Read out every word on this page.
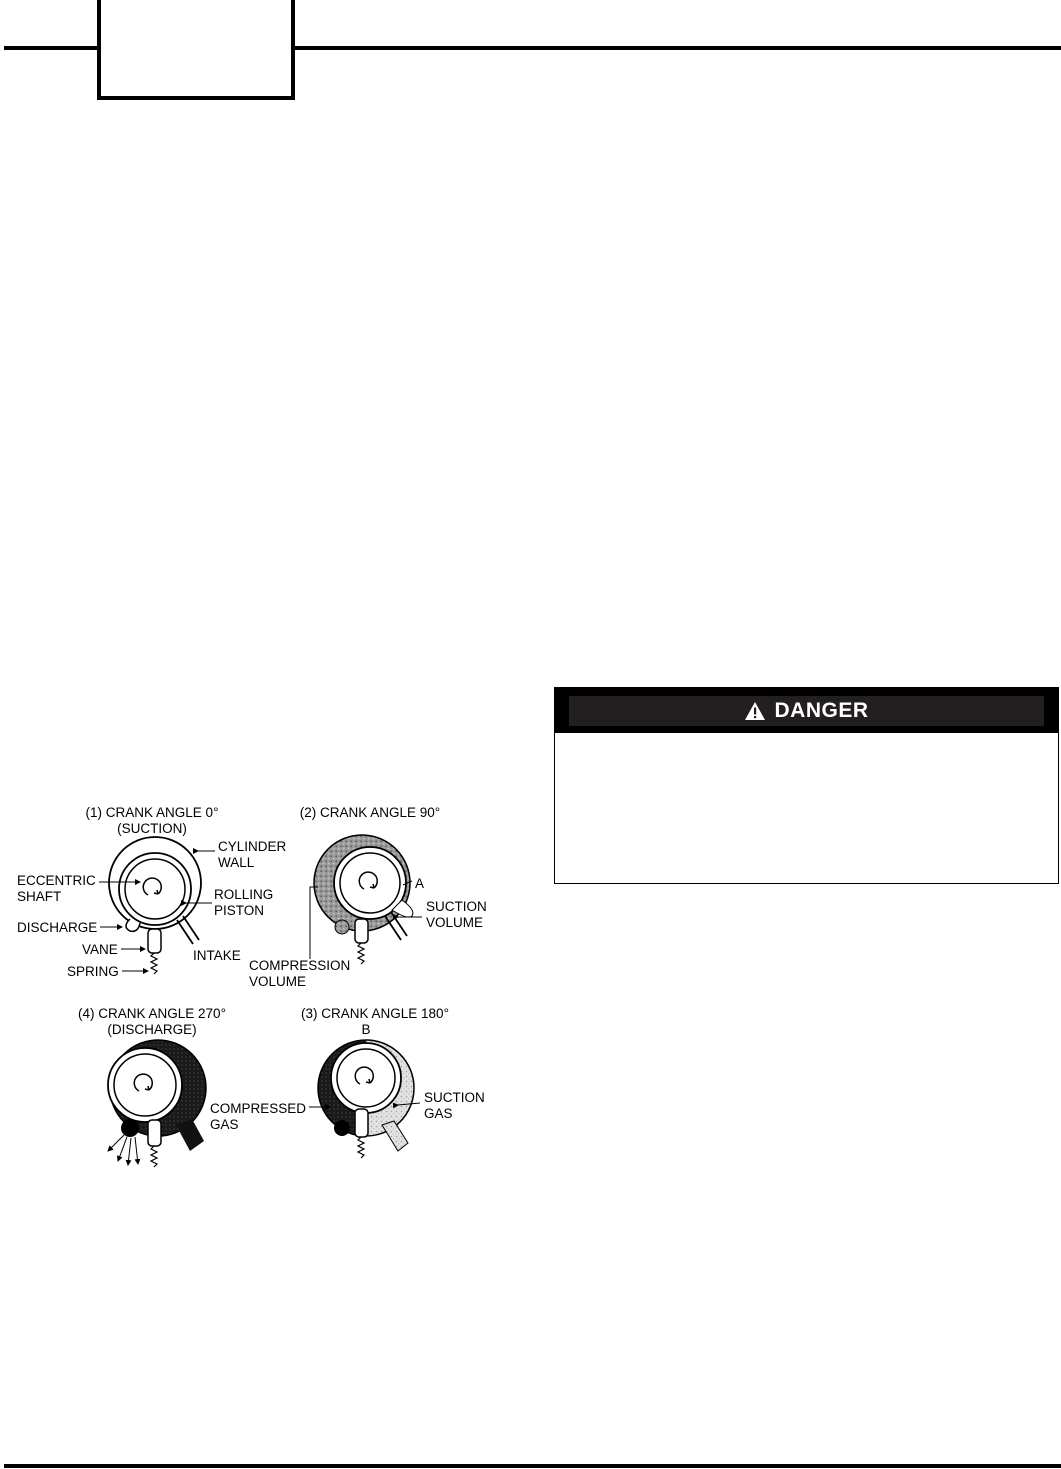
DANGER
(1) CRANK ANGLE 0°
(SUCTION)
CYLINDER
WALL
ECCENTRIC
SHAFT	ROLLING
PISTON
DISCHARGE
VANE
SPRING
INTAKE
(2) CRANK ANGLE 90°
A
SUCTION
VOLUME
COMPRESSION
VOLUME
(4) CRANK ANGLE 270°
(DISCHARGE)
(3) CRANK ANGLE 180°
B
COMPRESSED
GAS
SUCTION
GAS
